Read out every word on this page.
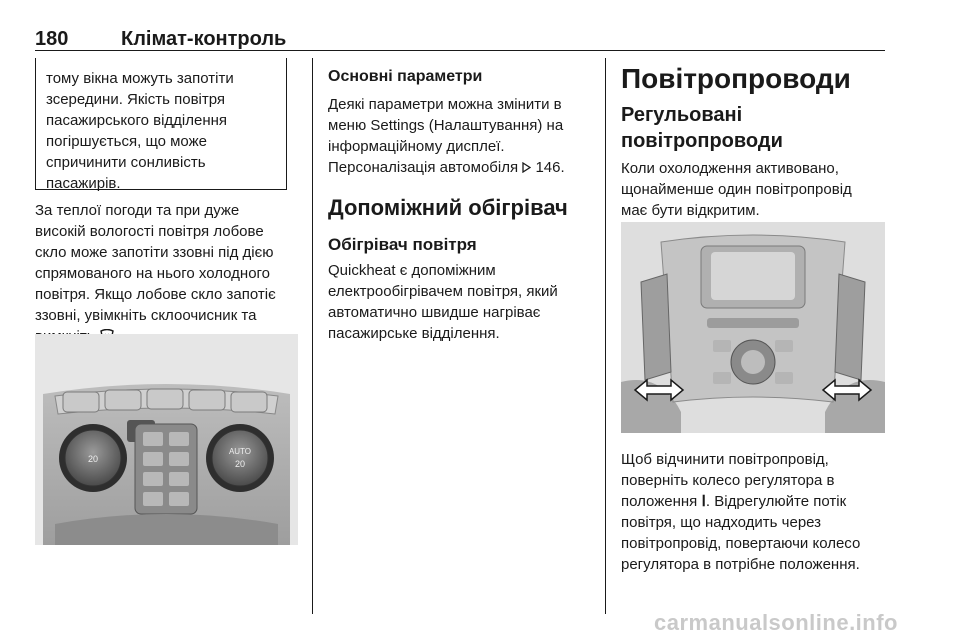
180	Клімат-контроль

тому вікна можуть запотіти

зсередини. Якість повітря

пасажирського відділення

погіршується, що може

спричинити сонливість

пасажирів.

За теплої погоди та при дуже

високій вологості повітря лобове

скло може запотіти ззовні під дією

спрямованого на нього холодного

повітря. Якщо лобове скло запотіє

ззовні, увімкніть склоочисник та

20
AUTO
20

Основні параметри

Деякі параметри можна змінити в

меню Settings (Налаштування) на

інформаційному дисплеї.

Персоналізація автомобіля 146.

Допоміжний обігрівач

Обігрівач повітря

Quickheat є допоміжним

електрообігрівачем повітря, який

автоматично швидше нагріває

пасажирське відділення.

Повітропроводи

Регульовані

повітропроводи

Коли охолодження активовано,

щонайменше один повітропровід

має бути відкритим.

Щоб відчинити повітропровід,

поверніть колесо регулятора в

положення Ⅰ. Відрегулюйте потік

повітря, що надходить через

повітропровід, повертаючи колесо

регулятора в потрібне положення.

carmanualsonline.info
